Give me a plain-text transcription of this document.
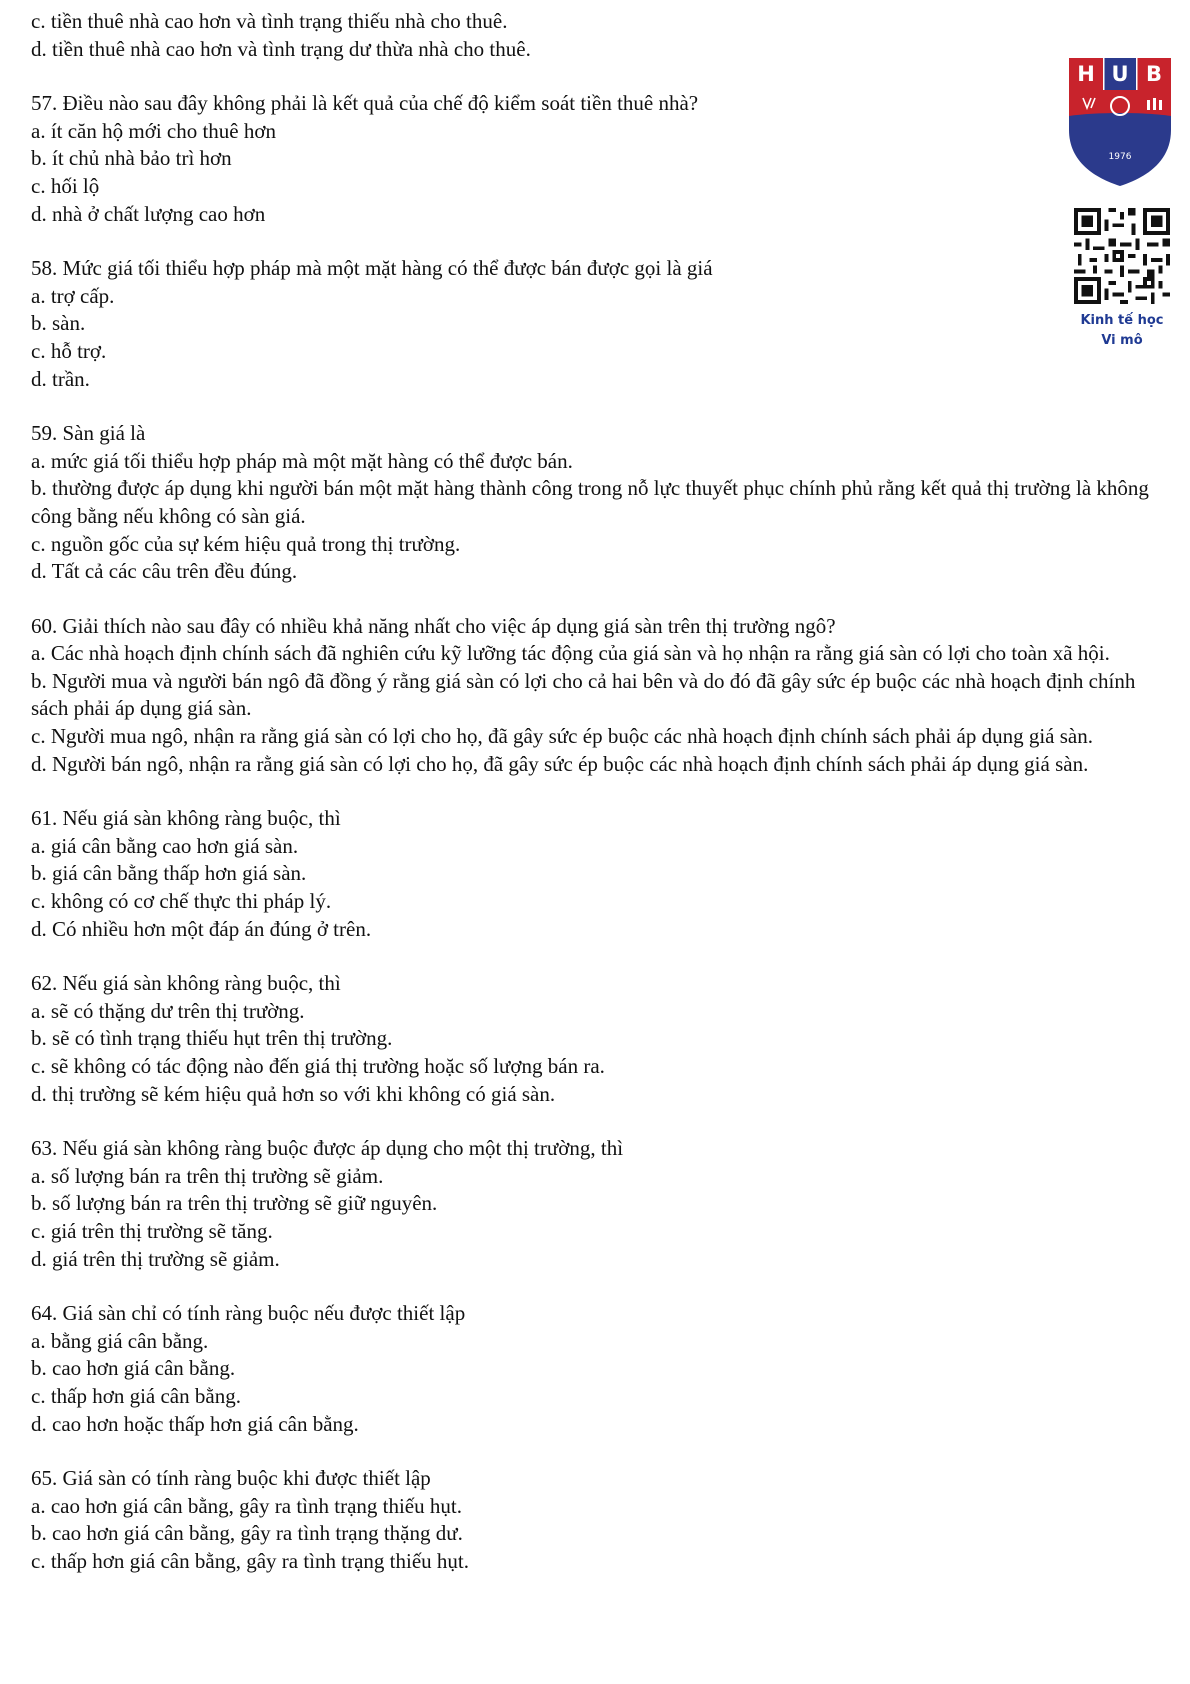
c. tiền thuê nhà cao hơn và tình trạng thiếu nhà cho thuê.
d. tiền thuê nhà cao hơn và tình trạng dư thừa nhà cho thuê.
57. Điều nào sau đây không phải là kết quả của chế độ kiểm soát tiền thuê nhà?
a. ít căn hộ mới cho thuê hơn
b. ít chủ nhà bảo trì hơn
c. hối lộ
d. nhà ở chất lượng cao hơn
58. Mức giá tối thiểu hợp pháp mà một mặt hàng có thể được bán được gọi là giá
a. trợ cấp.
b. sàn.
c. hỗ trợ.
d. trần.
59. Sàn giá là
a. mức giá tối thiểu hợp pháp mà một mặt hàng có thể được bán.
b. thường được áp dụng khi người bán một mặt hàng thành công trong nỗ lực thuyết phục chính phủ rằng kết quả thị trường là không công bằng nếu không có sàn giá.
c. nguồn gốc của sự kém hiệu quả trong thị trường.
d. Tất cả các câu trên đều đúng.
60. Giải thích nào sau đây có nhiều khả năng nhất cho việc áp dụng giá sàn trên thị trường ngô?
a. Các nhà hoạch định chính sách đã nghiên cứu kỹ lưỡng tác động của giá sàn và họ nhận ra rằng giá sàn có lợi cho toàn xã hội.
b. Người mua và người bán ngô đã đồng ý rằng giá sàn có lợi cho cả hai bên và do đó đã gây sức ép buộc các nhà hoạch định chính sách phải áp dụng giá sàn.
c. Người mua ngô, nhận ra rằng giá sàn có lợi cho họ, đã gây sức ép buộc các nhà hoạch định chính sách phải áp dụng giá sàn.
d. Người bán ngô, nhận ra rằng giá sàn có lợi cho họ, đã gây sức ép buộc các nhà hoạch định chính sách phải áp dụng giá sàn.
61. Nếu giá sàn không ràng buộc, thì
a. giá cân bằng cao hơn giá sàn.
b. giá cân bằng thấp hơn giá sàn.
c. không có cơ chế thực thi pháp lý.
d. Có nhiều hơn một đáp án đúng ở trên.
62. Nếu giá sàn không ràng buộc, thì
a. sẽ có thặng dư trên thị trường.
b. sẽ có tình trạng thiếu hụt trên thị trường.
c. sẽ không có tác động nào đến giá thị trường hoặc số lượng bán ra.
d. thị trường sẽ kém hiệu quả hơn so với khi không có giá sàn.
63. Nếu giá sàn không ràng buộc được áp dụng cho một thị trường, thì
a. số lượng bán ra trên thị trường sẽ giảm.
b. số lượng bán ra trên thị trường sẽ giữ nguyên.
c. giá trên thị trường sẽ tăng.
d. giá trên thị trường sẽ giảm.
64. Giá sàn chỉ có tính ràng buộc nếu được thiết lập
a. bằng giá cân bằng.
b. cao hơn giá cân bằng.
c. thấp hơn giá cân bằng.
d. cao hơn hoặc thấp hơn giá cân bằng.
65. Giá sàn có tính ràng buộc khi được thiết lập
a. cao hơn giá cân bằng, gây ra tình trạng thiếu hụt.
b. cao hơn giá cân bằng, gây ra tình trạng thặng dư.
c. thấp hơn giá cân bằng, gây ra tình trạng thiếu hụt.
H U B
1976
Kinh tế học
Vi mô
